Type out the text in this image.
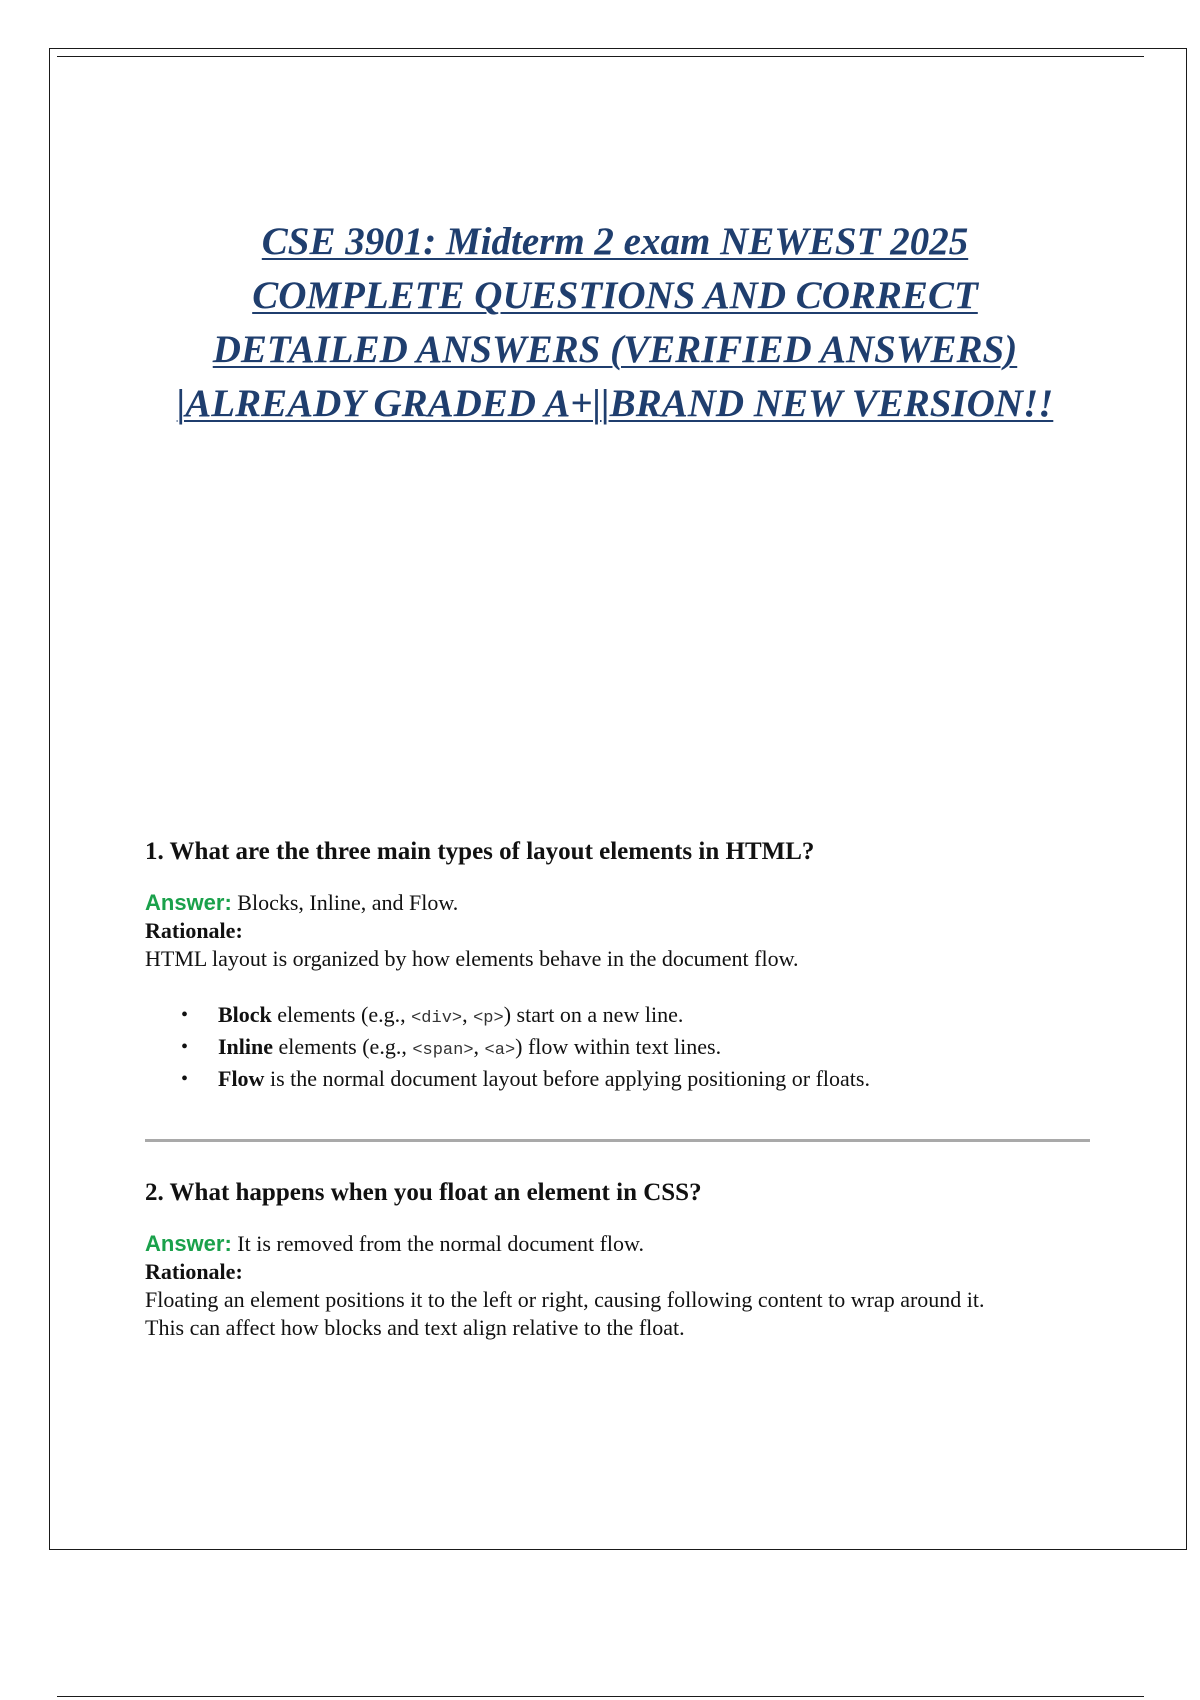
CSE 3901: Midterm 2 exam NEWEST 2025
COMPLETE QUESTIONS AND CORRECT
DETAILED ANSWERS (VERIFIED ANSWERS)
|ALREADY GRADED A+||BRAND NEW VERSION!!

1. What are the three main types of layout elements in HTML?

Answer: Blocks, Inline, and Flow.

Rationale:

HTML layout is organized by how elements behave in the document flow.

• Block elements (e.g., <div>, <p>) start on a new line.
• Inline elements (e.g., <span>, <a>) flow within text lines.
• Flow is the normal document layout before applying positioning or floats.

2. What happens when you float an element in CSS?

Answer: It is removed from the normal document flow.

Rationale:

Floating an element positions it to the left or right, causing following content to wrap around it.

This can affect how blocks and text align relative to the float.
